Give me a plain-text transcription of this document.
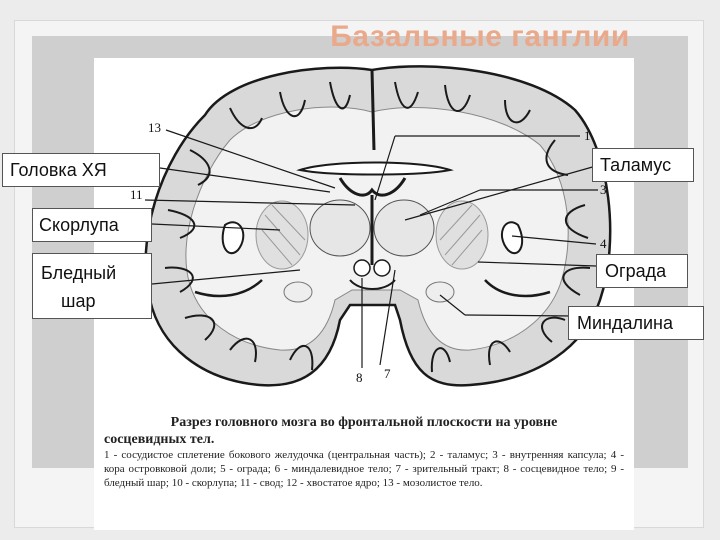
Базальные ганглии
Головка ХЯ
Скорлупа
Бледный
шар
Таламус
Ограда
Миндалина
13
11
1
3
4
8 7
Разрез головного мозга во фронтальной плоскости на уровне
сосцевидных тел.
1 - сосудистое сплетение бокового желудочка (центральная часть); 2 - таламус; 3 - внутренняя капсула; 4 - кора островковой доли; 5 - ограда; 6 - миндалевидное тело; 7 - зрительный тракт; 8 - сосцевидное тело; 9 - бледный шар; 10 - скорлупа; 11 - свод; 12 - хвостатое ядро; 13 - мозолистое тело.
